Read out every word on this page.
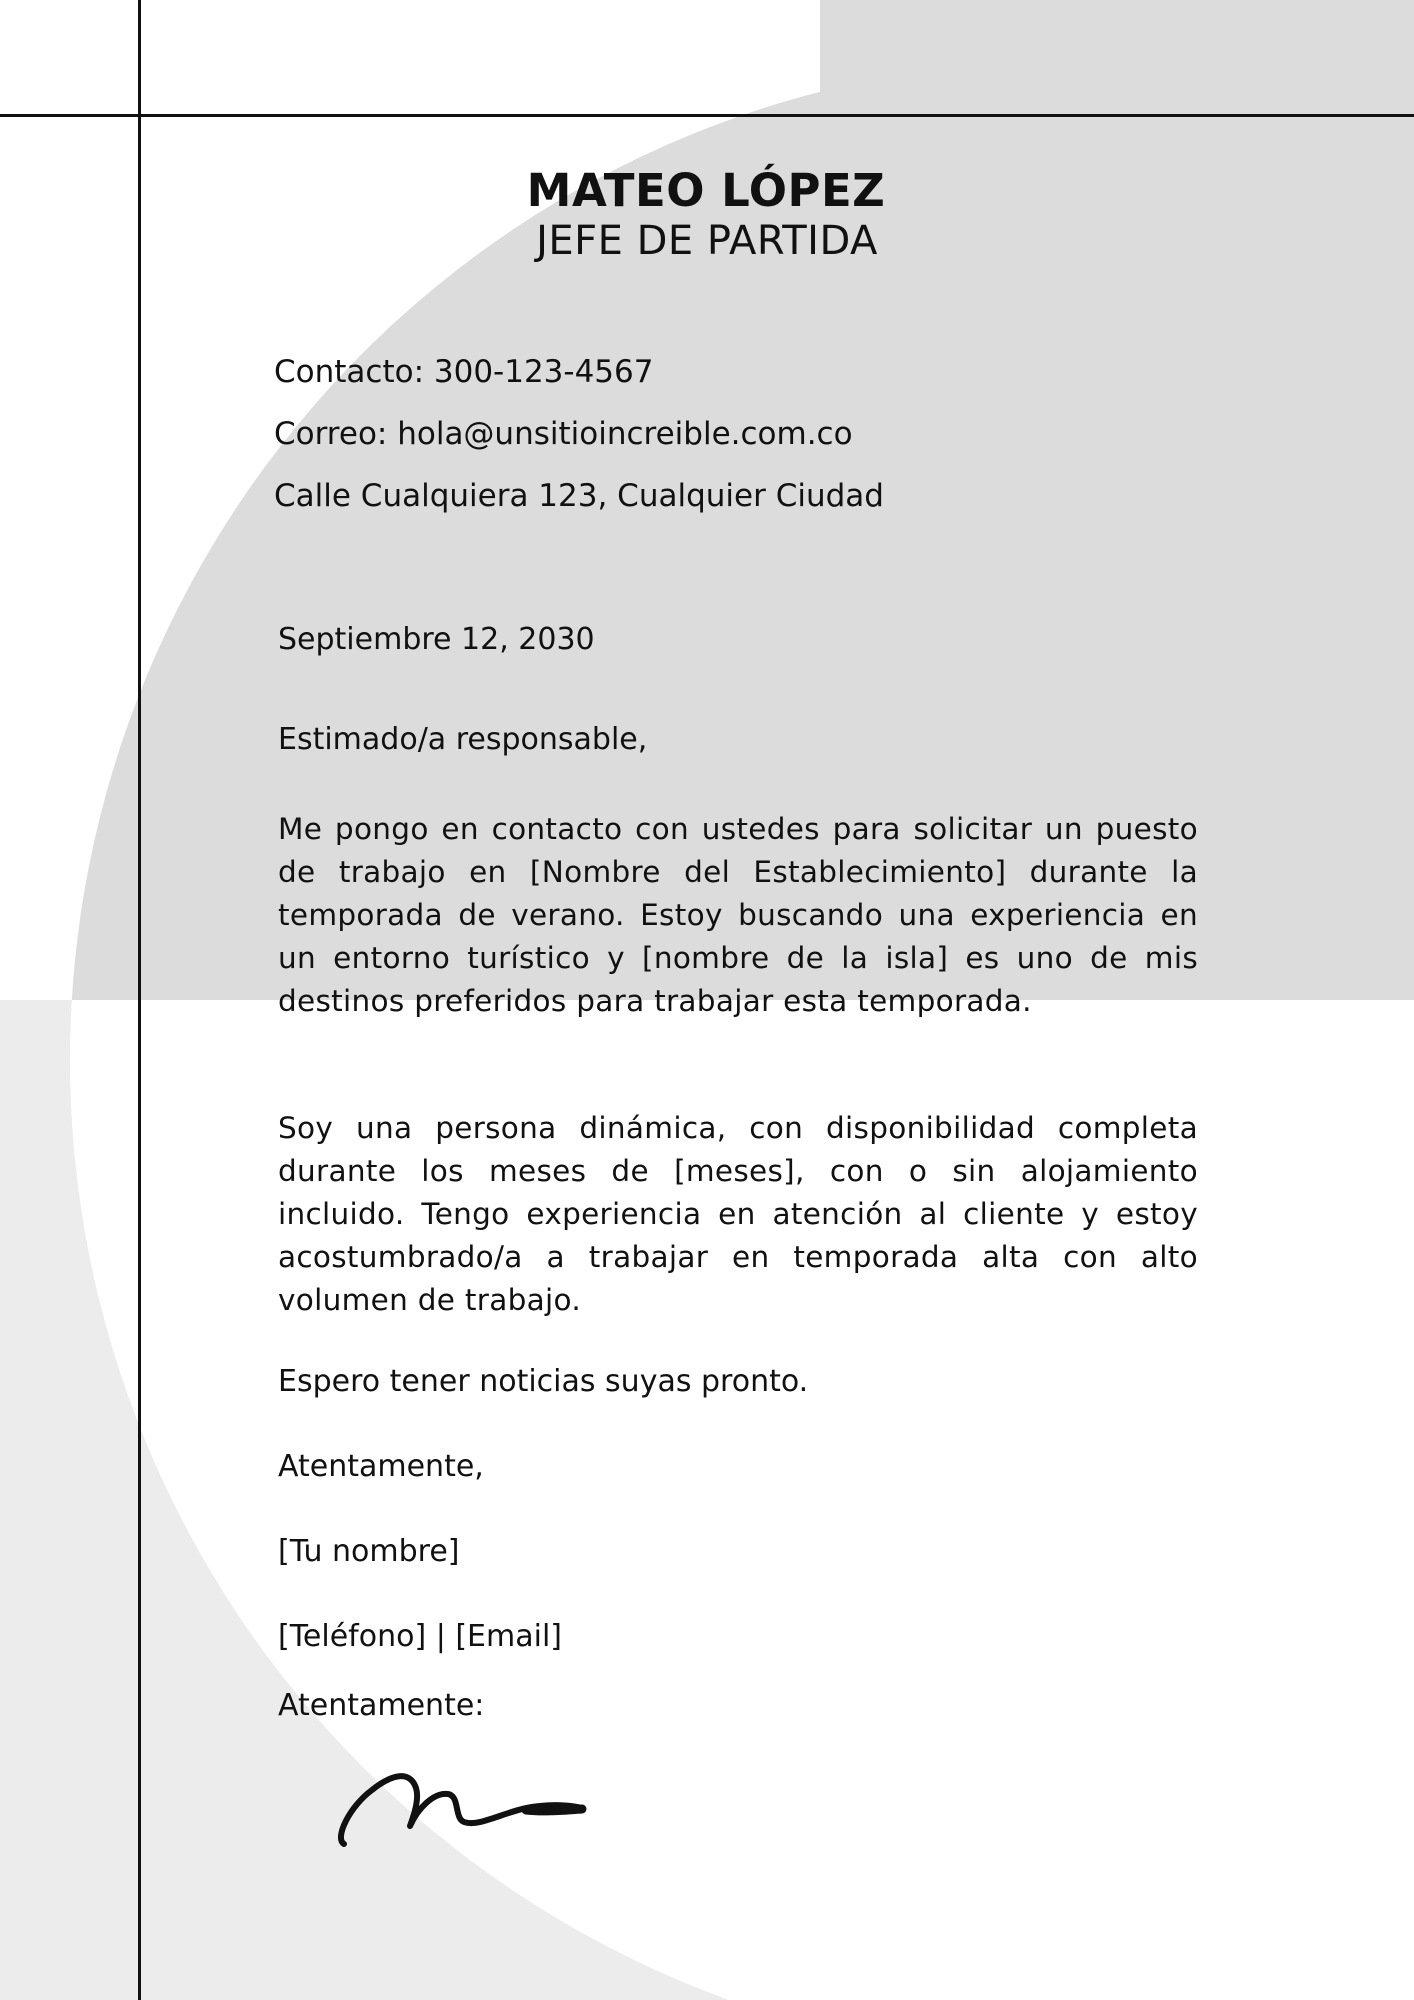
MATEO LÓPEZ
JEFE DE PARTIDA
Contacto: 300-123-4567
Correo: hola@unsitioincreible.com.co
Calle Cualquiera 123, Cualquier Ciudad
Septiembre 12, 2030
Estimado/a responsable,
Me pongo en contacto con ustedes para solicitar un puesto de trabajo en [Nombre del Establecimiento] durante la temporada de verano. Estoy buscando una experiencia en un entorno turístico y [nombre de la isla] es uno de mis destinos preferidos para trabajar esta temporada.
Soy una persona dinámica, con disponibilidad completa durante los meses de [meses], con o sin alojamiento incluido. Tengo experiencia en atención al cliente y estoy acostumbrado/a a trabajar en temporada alta con alto volumen de trabajo.
Espero tener noticias suyas pronto.
Atentamente,
[Tu nombre]
[Teléfono] | [Email]
Atentamente:
